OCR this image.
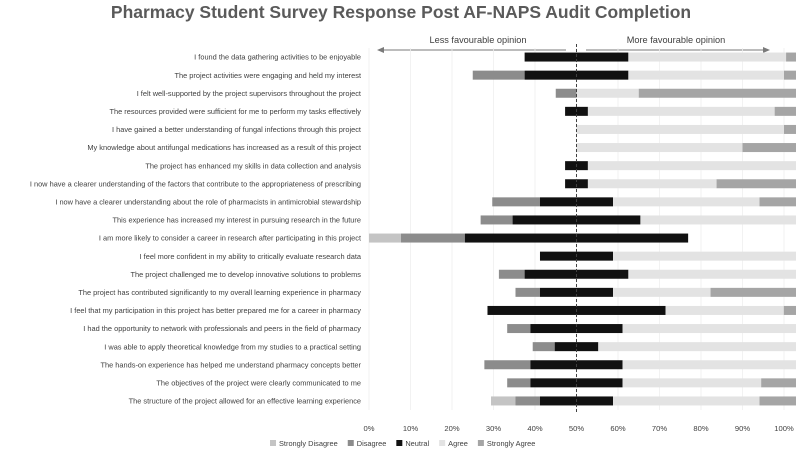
Pharmacy Student Survey Response Post AF-NAPS Audit Completion
Less favourable opinion	More favourable opinion
I found the data gathering activities to be enjoyable
The project activities were engaging and held my interest
I felt well-supported by the project supervisors throughout the project
The resources provided were sufficient for me to perform my tasks effectively
I have gained a better understanding of fungal infections through this project
My knowledge about antifungal medications has increased as a result of this project
The project has enhanced my skills in data collection and analysis
I now have a clearer understanding of the factors that contribute to the appropriateness of prescribing
I now have a clearer understanding about the role of pharmacists in antimicrobial stewardship
This experience has increased my interest in pursuing research in the future
I am more likely to consider a career in research after participating in this project
I feel more confident in my ability to critically evaluate research data
The project challenged me to develop innovative solutions to problems
The project has contributed significantly to my overall learning experience in pharmacy
I feel that my participation in this project has better prepared me for a career in pharmacy
I had the opportunity to network with professionals and peers in the field of pharmacy
I was able to apply theoretical knowledge from my studies to a practical setting
The hands-on experience has helped me understand pharmacy concepts better
The objectives of the project were clearly communicated to me
The structure of the project allowed for an effective learning experience
0%	10%	20%	30%	40%	50%	60%	70%	80%	90%	100%
Strongly Disagree	Disagree	Neutral	Agree	Strongly Agree
